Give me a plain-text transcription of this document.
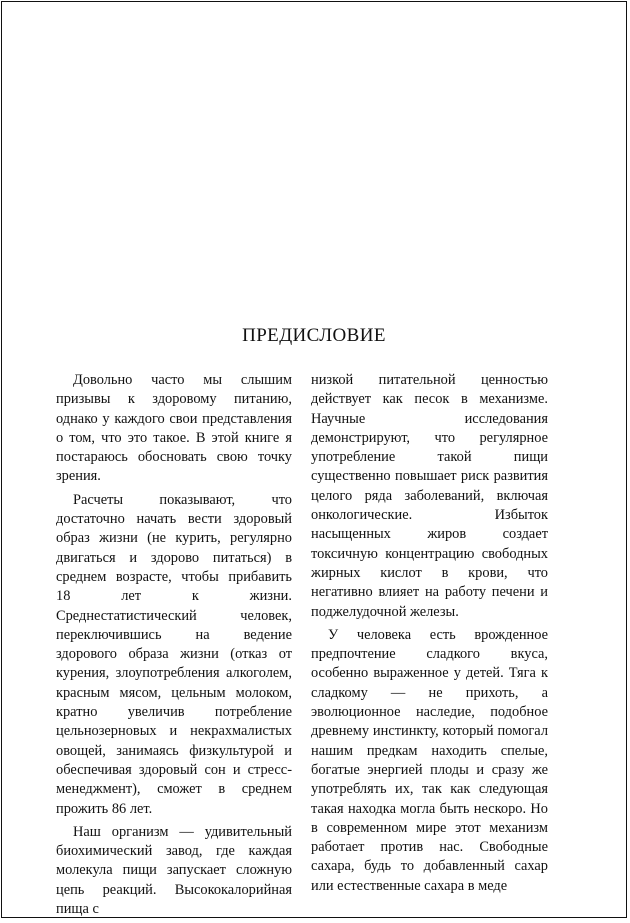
ПРЕДИСЛОВИЕ

Довольно часто мы слышим призывы к здоровому питанию, однако у каждого свои представления о том, что это такое. В этой книге я постараюсь обосновать свою точку зрения.

Расчеты показывают, что достаточно начать вести здоровый образ жизни (не курить, регулярно двигаться и здорово питаться) в среднем возрасте, чтобы прибавить 18 лет к жизни. Среднестатистический человек, переключившись на ведение здорового образа жизни (отказ от курения, злоупотребления алкоголем, красным мясом, цельным молоком, кратно увеличив потребление цельнозерновых и некрахмалистых овощей, занимаясь физкультурой и обеспечивая здоровый сон и стресс-менеджмент), сможет в среднем прожить 86 лет.

Наш организм — удивительный биохимический завод, где каждая молекула пищи запускает сложную цепь реакций. Высококалорийная пища с

низкой питательной ценностью действует как песок в механизме. Научные исследования демонстрируют, что регулярное употребление такой пищи существенно повышает риск развития целого ряда заболеваний, включая онкологические. Избыток насыщенных жиров создает токсичную концентрацию свободных жирных кислот в крови, что негативно влияет на работу печени и поджелудочной железы.

У человека есть врожденное предпочтение сладкого вкуса, особенно выраженное у детей. Тяга к сладкому — не прихоть, а эволюционное наследие, подобное древнему инстинкту, который помогал нашим предкам находить спелые, богатые энергией плоды и сразу же употреблять их, так как следующая такая находка могла быть нескоро. Но в современном мире этот механизм работает против нас. Свободные сахара, будь то добавленный сахар или естественные сахара в меде
